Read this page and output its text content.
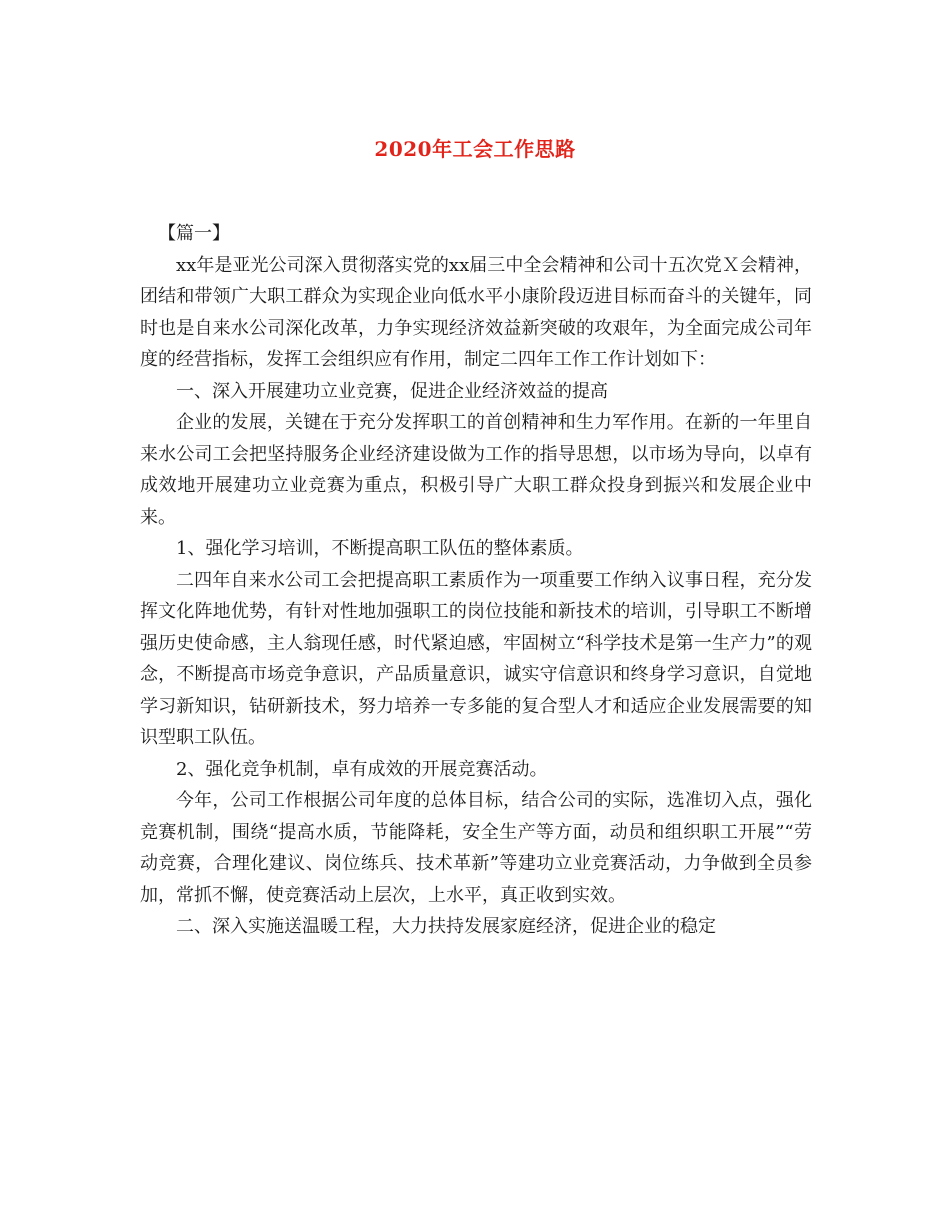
2020年工会工作思路

【篇一】

xx年是亚光公司深入贯彻落实党的xx届三中全会精神和公司十五次党Ｘ会精神，团结和带领广大职工群众为实现企业向低水平小康阶段迈进目标而奋斗的关键年，同时也是自来水公司深化改革，力争实现经济效益新突破的攻艰年，为全面完成公司年度的经营指标，发挥工会组织应有作用，制定二四年工作工作计划如下：

一、深入开展建功立业竞赛，促进企业经济效益的提高

企业的发展，关键在于充分发挥职工的首创精神和生力军作用。在新的一年里自来水公司工会把坚持服务企业经济建设做为工作的指导思想，以市场为导向，以卓有成效地开展建功立业竞赛为重点，积极引导广大职工群众投身到振兴和发展企业中来。

1、强化学习培训，不断提高职工队伍的整体素质。

二四年自来水公司工会把提高职工素质作为一项重要工作纳入议事日程，充分发挥文化阵地优势，有针对性地加强职工的岗位技能和新技术的培训，引导职工不断增强历史使命感，主人翁现任感，时代紧迫感，牢固树立“科学技术是第一生产力”的观念，不断提高市场竞争意识，产品质量意识，诚实守信意识和终身学习意识，自觉地学习新知识，钻研新技术，努力培养一专多能的复合型人才和适应企业发展需要的知识型职工队伍。

2、强化竞争机制，卓有成效的开展竞赛活动。

今年，公司工作根据公司年度的总体目标，结合公司的实际，选准切入点，强化竞赛机制，围绕“提高水质，节能降耗，安全生产等方面，动员和组织职工开展”“劳动竞赛，合理化建议、岗位练兵、技术革新”等建功立业竞赛活动，力争做到全员参加，常抓不懈，使竞赛活动上层次，上水平，真正收到实效。

二、深入实施送温暖工程，大力扶持发展家庭经济，促进企业的稳定
